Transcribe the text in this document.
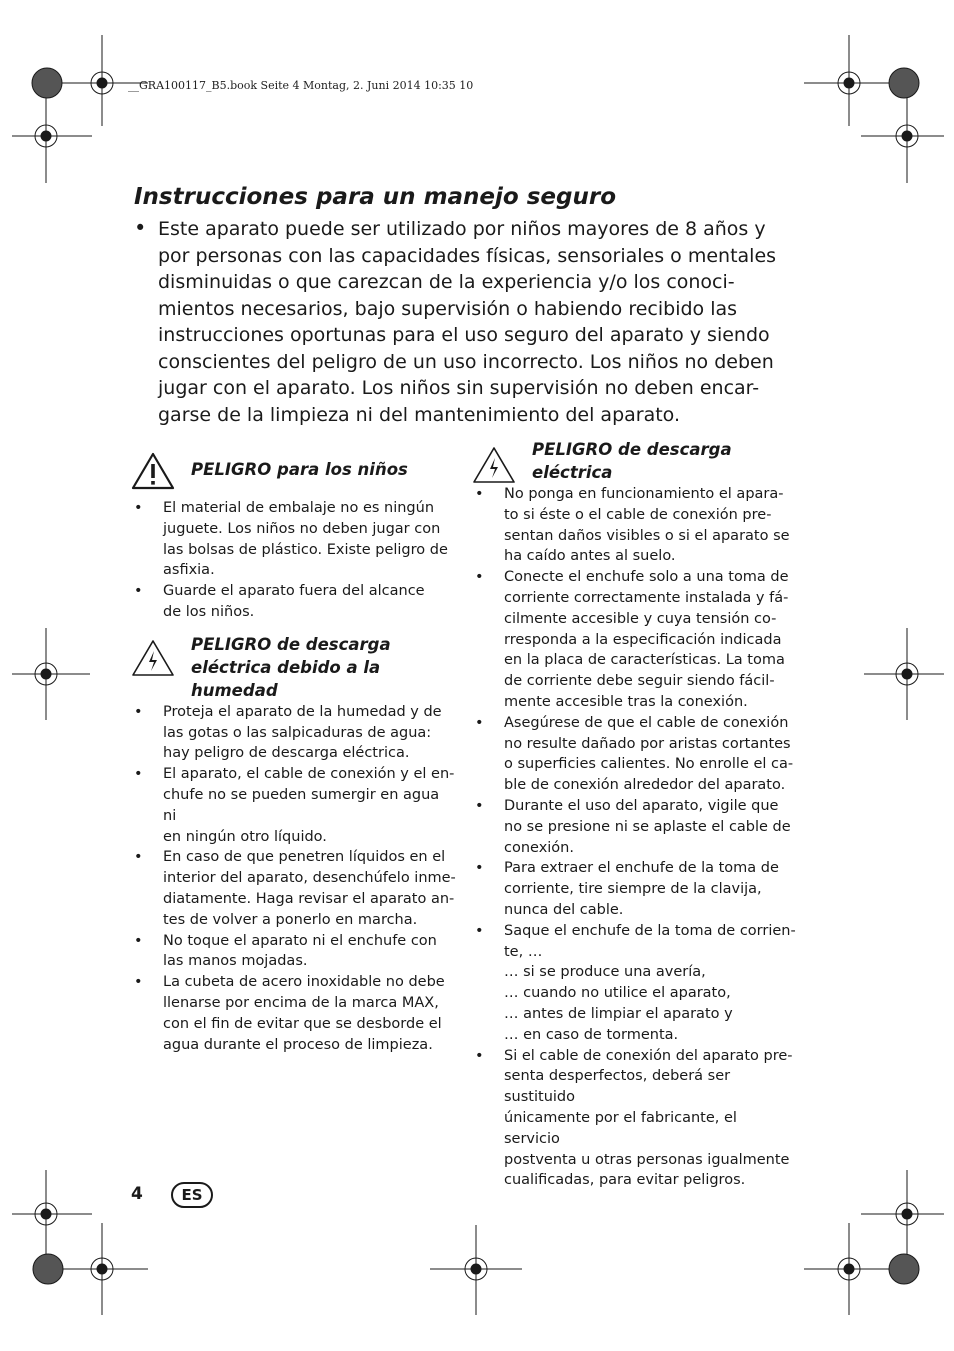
__GRA100117_B5.book Seite 4 Montag, 2. Juni 2014 10:35 10
Instrucciones para un manejo seguro
• Este aparato puede ser utilizado por niños mayores de 8 años y
por personas con las capacidades físicas, sensoriales o mentales
disminuidas o que carezcan de la experiencia y/o los conoci-
mientos necesarios, bajo supervisión o habiendo recibido las
instrucciones oportunas para el uso seguro del aparato y siendo
conscientes del peligro de un uso incorrecto. Los niños no deben
jugar con el aparato. Los niños sin supervisión no deben encar-
garse de la limpieza ni del mantenimiento del aparato.

PELIGRO para los niños

• El material de embalaje no es ningún
juguete. Los niños no deben jugar con
las bolsas de plástico. Existe peligro de
asfixia.
• Guarde el aparato fuera del alcance
de los niños.

PELIGRO de descarga
eléctrica debido a la
humedad

• Proteja el aparato de la humedad y de
las gotas o las salpicaduras de agua:
hay peligro de descarga eléctrica.
• El aparato, el cable de conexión y el en-
chufe no se pueden sumergir en agua ni
en ningún otro líquido.
• En caso de que penetren líquidos en el
interior del aparato, desenchúfelo inme-
diatamente. Haga revisar el aparato an-
tes de volver a ponerlo en marcha.
• No toque el aparato ni el enchufe con
las manos mojadas.
• La cubeta de acero inoxidable no debe
llenarse por encima de la marca MAX,
con el fin de evitar que se desborde el
agua durante el proceso de limpieza.

PELIGRO de descarga
eléctrica

• No ponga en funcionamiento el apara-
to si éste o el cable de conexión pre-
sentan daños visibles o si el aparato se
ha caído antes al suelo.
• Conecte el enchufe solo a una toma de
corriente correctamente instalada y fá-
cilmente accesible y cuya tensión co-
rresponda a la especificación indicada
en la placa de características. La toma
de corriente debe seguir siendo fácil-
mente accesible tras la conexión.
• Asegúrese de que el cable de conexión
no resulte dañado por aristas cortantes
o superficies calientes. No enrolle el ca-
ble de conexión alrededor del aparato.
• Durante el uso del aparato, vigile que
no se presione ni se aplaste el cable de
conexión.
• Para extraer el enchufe de la toma de
corriente, tire siempre de la clavija,
nunca del cable.
• Saque el enchufe de la toma de corrien-
te, …
… si se produce una avería,
… cuando no utilice el aparato,
… antes de limpiar el aparato y
… en caso de tormenta.
• Si el cable de conexión del aparato pre-
senta desperfectos, deberá ser sustituido
únicamente por el fabricante, el servicio
postventa u otras personas igualmente
cualificadas, para evitar peligros.
4	ES
